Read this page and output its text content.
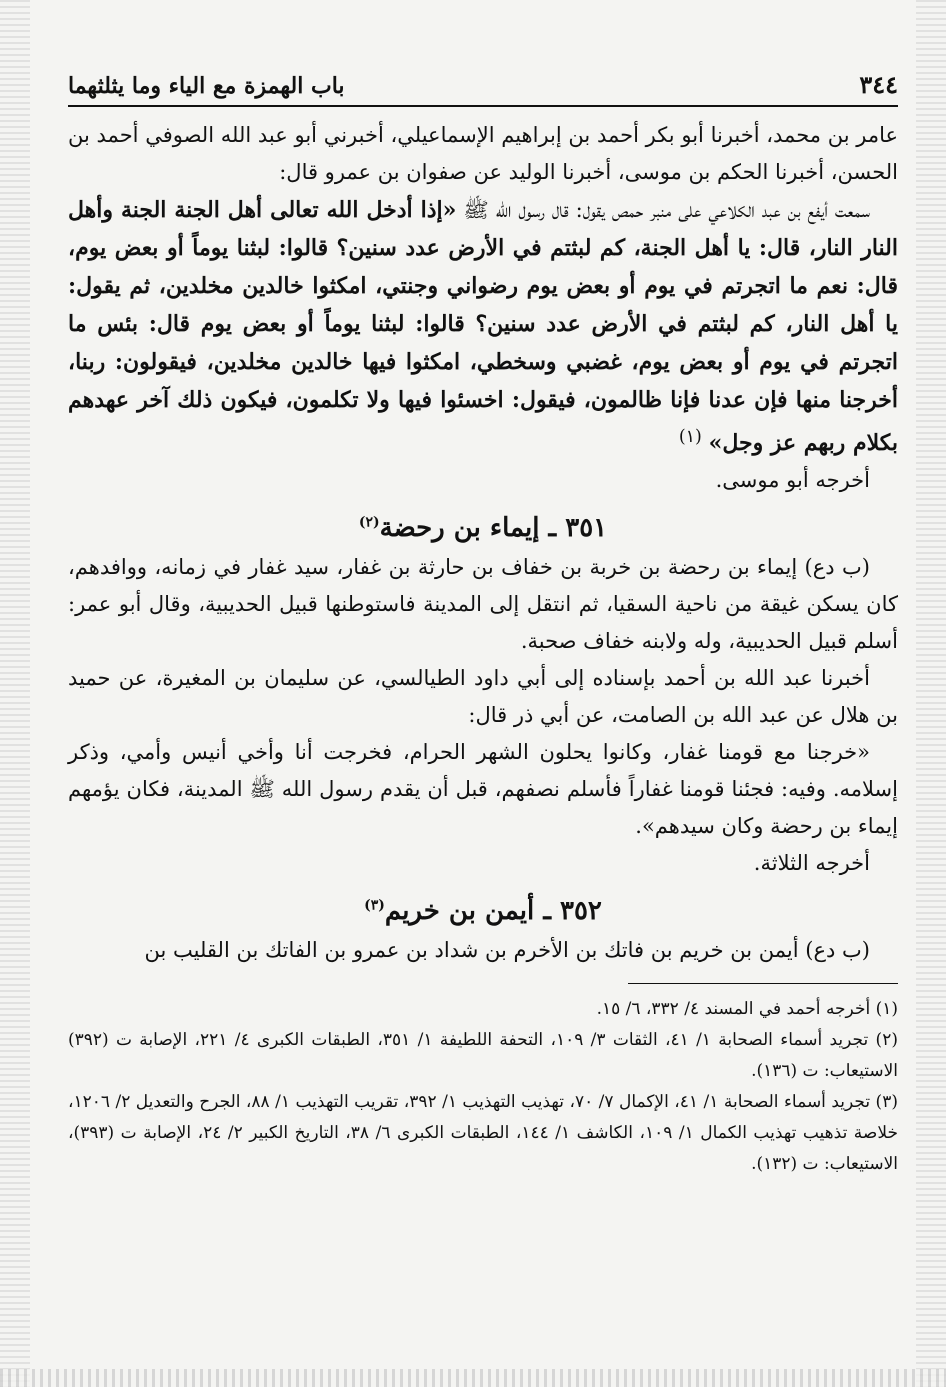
٣٤٤
باب الهمزة مع الياء وما يثلثهما

عامر بن محمد، أخبرنا أبو بكر أحمد بن إبراهيم الإسماعيلي، أخبرني أبو عبد الله الصوفي أحمد بن الحسن، أخبرنا الحكم بن موسى، أخبرنا الوليد عن صفوان بن عمرو قال:

سمعت أيفع بن عبد الكلاعي على منبر حمص يقول: قال رسول الله ﷺ «إذا أدخل الله تعالى أهل الجنة الجنة وأهل النار النار، قال: يا أهل الجنة، كم لبثتم في الأرض عدد سنين؟ قالوا: لبثنا يوماً أو بعض يوم، قال: نعم ما اتجرتم في يوم أو بعض يوم رضواني وجنتي، امكثوا خالدين مخلدين، ثم يقول: يا أهل النار، كم لبثتم في الأرض عدد سنين؟ قالوا: لبثنا يوماً أو بعض يوم قال: بئس ما اتجرتم في يوم أو بعض يوم، غضبي وسخطي، امكثوا فيها خالدين مخلدين، فيقولون: ربنا، أخرجنا منها فإن عدنا فإنا ظالمون، فيقول: اخسئوا فيها ولا تكلمون، فيكون ذلك آخر عهدهم بكلام ربهم عز وجل» $^{(١)}$

أخرجه أبو موسى.

٣٥١ ـ إيماء بن رحضة$^{(٢)}$

(ب دع) إيماء بن رحضة بن خربة بن خفاف بن حارثة بن غفار، سيد غفار في زمانه، ووافدهم، كان يسكن غيقة من ناحية السقيا، ثم انتقل إلى المدينة فاستوطنها قبيل الحديبية، وقال أبو عمر: أسلم قبيل الحديبية، وله ولابنه خفاف صحبة.

أخبرنا عبد الله بن أحمد بإسناده إلى أبي داود الطيالسي، عن سليمان بن المغيرة، عن حميد بن هلال عن عبد الله بن الصامت، عن أبي ذر قال:

«خرجنا مع قومنا غفار، وكانوا يحلون الشهر الحرام، فخرجت أنا وأخي أنيس وأمي، وذكر إسلامه. وفيه: فجئنا قومنا غفاراً فأسلم نصفهم، قبل أن يقدم رسول الله ﷺ المدينة، فكان يؤمهم إيماء بن رحضة وكان سيدهم».

أخرجه الثلاثة.

٣٥٢ ـ أيمن بن خريم$^{(٣)}$

(ب دع) أيمن بن خريم بن فاتك بن الأخرم بن شداد بن عمرو بن الفاتك بن القليب بن

(١) أخرجه أحمد في المسند ٤/ ٣٣٢، ٦/ ١٥.

(٢) تجريد أسماء الصحابة ١/ ٤١، الثقات ٣/ ١٠٩، التحفة اللطيفة ١/ ٣٥١، الطبقات الكبرى ٤/ ٢٢١، الإصابة ت (٣٩٢) الاستيعاب: ت (١٣٦).

(٣) تجريد أسماء الصحابة ١/ ٤١، الإكمال ٧/ ٧٠، تهذيب التهذيب ١/ ٣٩٢، تقريب التهذيب ١/ ٨٨، الجرح والتعديل ٢/ ١٢٠٦، خلاصة تذهيب تهذيب الكمال ١/ ١٠٩، الكاشف ١/ ١٤٤، الطبقات الكبرى ٦/ ٣٨، التاريخ الكبير ٢/ ٢٤، الإصابة ت (٣٩٣)، الاستيعاب: ت (١٣٢).
